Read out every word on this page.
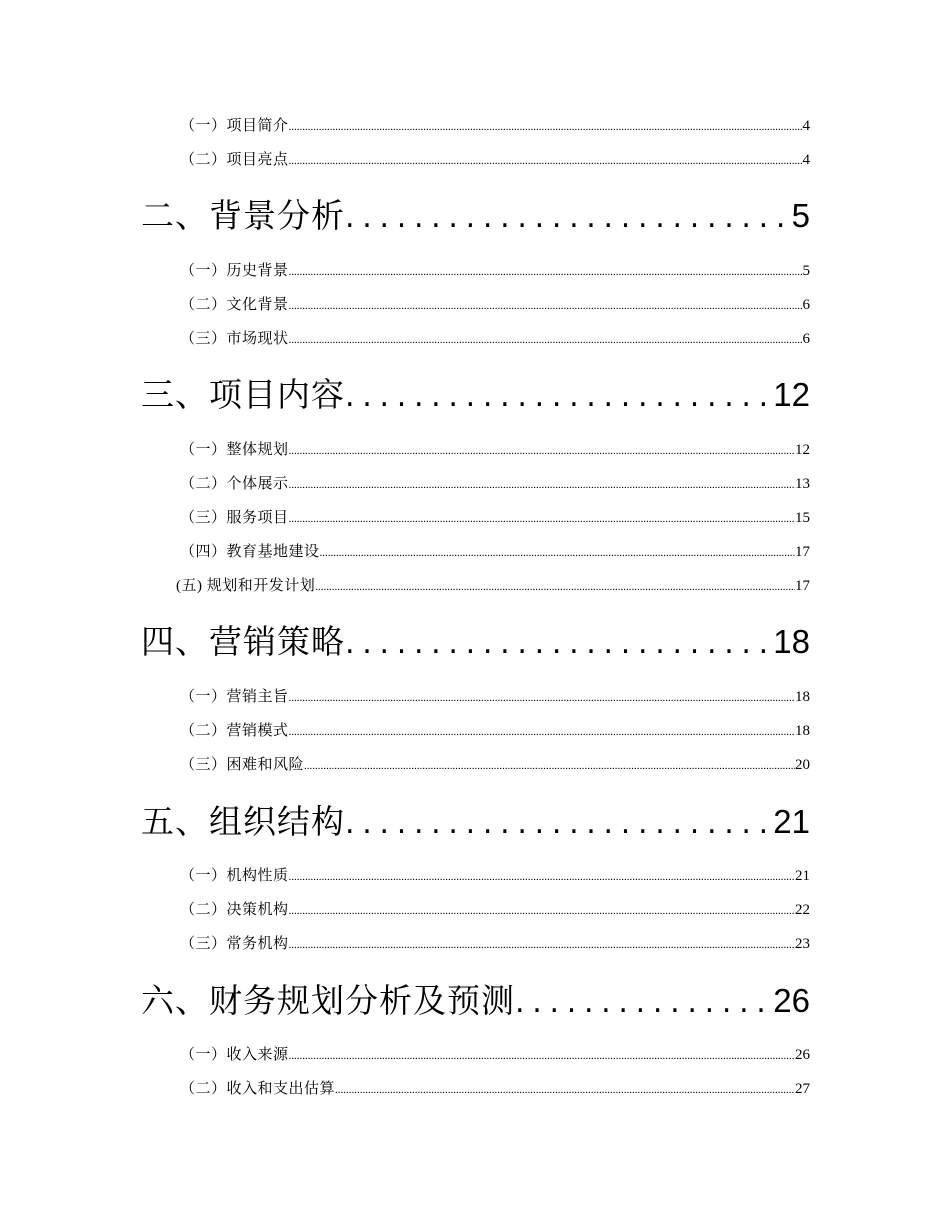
（一）项目简介 .....	4
（二）项目亮点 .....	4
二、背景分析 .....	5
（一）历史背景 .....	5
（二）文化背景 .....	6
（三）市场现状 .....	6
三、项目内容 .....	12
（一）整体规划 .....	12
（二）个体展示 .....	13
（三）服务项目 .....	15
（四）教育基地建设 .....	17
(五) 规划和开发计划 .....	17
四、营销策略 .....	18
（一）营销主旨 .....	18
（二）营销模式 .....	18
（三）困难和风险 .....	20
五、组织结构 .....	21
（一）机构性质 .....	21
（二）决策机构 .....	22
（三）常务机构 .....	23
六、财务规划分析及预测 .....	26
（一）收入来源 .....	26
（二）收入和支出估算 .....	27
